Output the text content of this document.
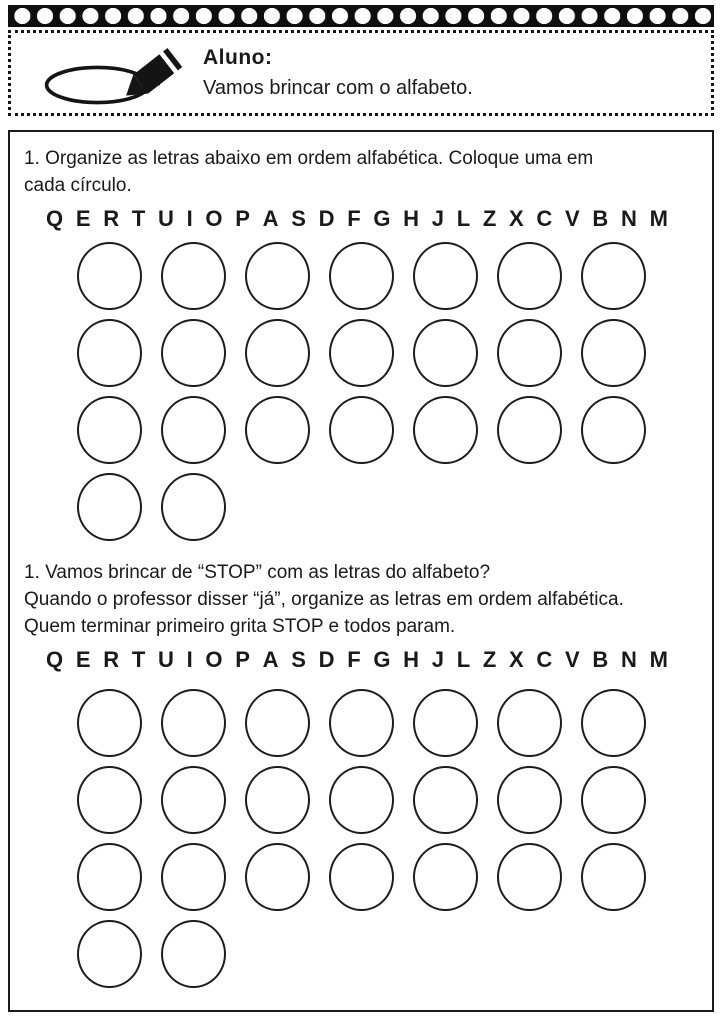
Aluno:
Vamos brincar com o alfabeto.
1. Organize as letras abaixo em ordem alfabética. Coloque uma em
cada círculo.
Q E R T U I O P A S D F G H J L Z X C V B N M
1. Vamos brincar de “STOP” com as letras do alfabeto?
Quando o professor disser “já”, organize as letras em ordem alfabética.
Quem terminar primeiro grita STOP e todos param.
Q E R T U I O P A S D F G H J L Z X C V B N M
